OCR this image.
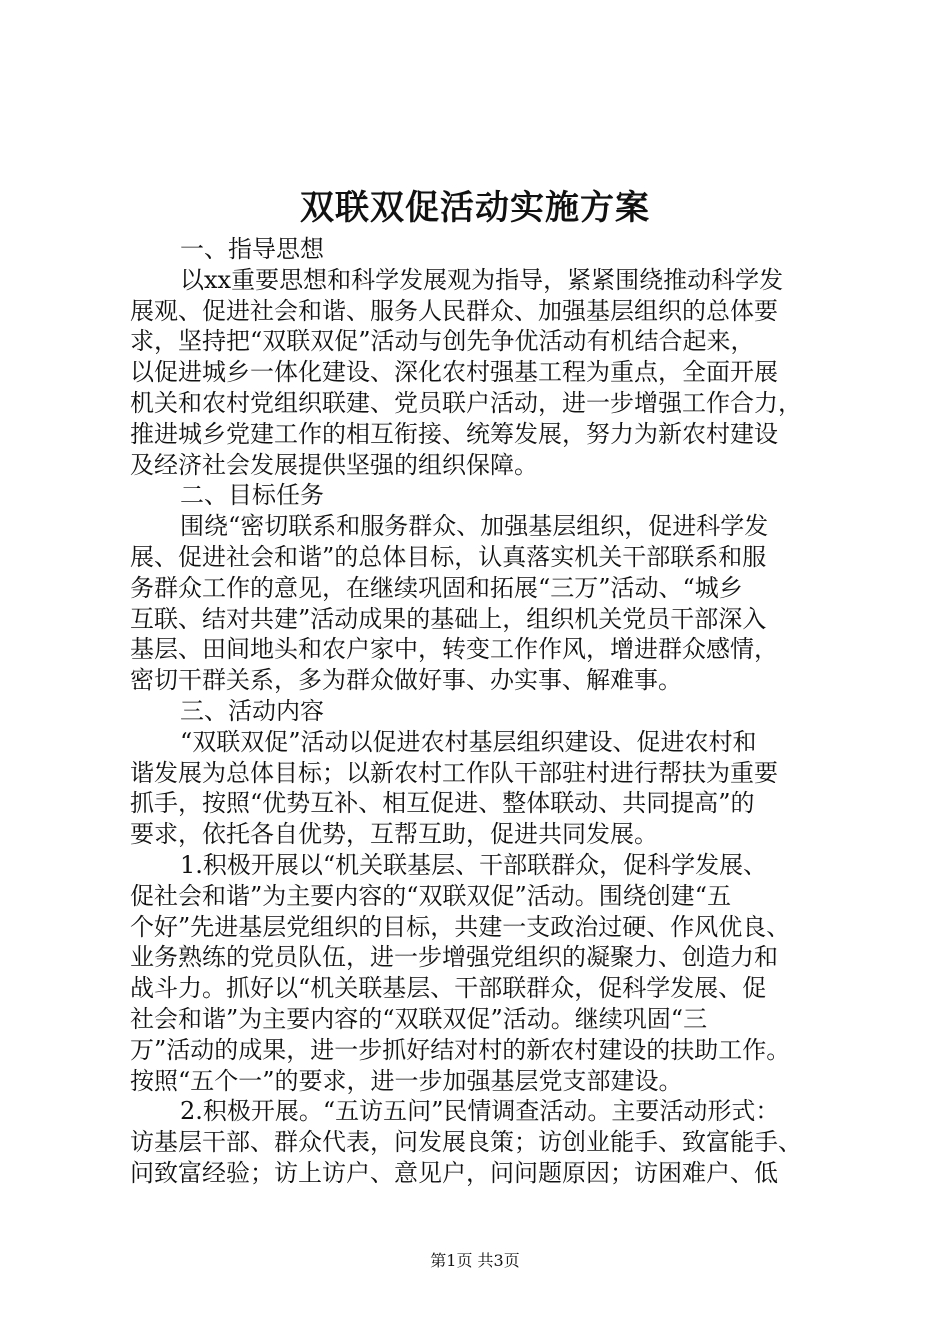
双联双促活动实施方案
一、指导思想
以xx重要思想和科学发展观为指导，紧紧围绕推动科学发
展观、促进社会和谐、服务人民群众、加强基层组织的总体要
求，坚持把“双联双促”活动与创先争优活动有机结合起来，
以促进城乡一体化建设、深化农村强基工程为重点，全面开展
机关和农村党组织联建、党员联户活动，进一步增强工作合力，
推进城乡党建工作的相互衔接、统筹发展，努力为新农村建设
及经济社会发展提供坚强的组织保障。
二、目标任务
围绕“密切联系和服务群众、加强基层组织，促进科学发
展、促进社会和谐”的总体目标，认真落实机关干部联系和服
务群众工作的意见，在继续巩固和拓展“三万”活动、“城乡
互联、结对共建”活动成果的基础上，组织机关党员干部深入
基层、田间地头和农户家中，转变工作作风，增进群众感情，
密切干群关系，多为群众做好事、办实事、解难事。
三、活动内容
“双联双促”活动以促进农村基层组织建设、促进农村和
谐发展为总体目标；以新农村工作队干部驻村进行帮扶为重要
抓手，按照“优势互补、相互促进、整体联动、共同提高”的
要求，依托各自优势，互帮互助，促进共同发展。
1.积极开展以“机关联基层、干部联群众，促科学发展、
促社会和谐”为主要内容的“双联双促”活动。围绕创建“五
个好”先进基层党组织的目标，共建一支政治过硬、作风优良、
业务熟练的党员队伍，进一步增强党组织的凝聚力、创造力和
战斗力。抓好以“机关联基层、干部联群众，促科学发展、促
社会和谐”为主要内容的“双联双促”活动。继续巩固“三
万”活动的成果，进一步抓好结对村的新农村建设的扶助工作。
按照“五个一”的要求，进一步加强基层党支部建设。
2.积极开展。“五访五问”民情调查活动。主要活动形式：
访基层干部、群众代表，问发展良策；访创业能手、致富能手、
问致富经验；访上访户、意见户，问问题原因；访困难户、低
第1页 共3页
